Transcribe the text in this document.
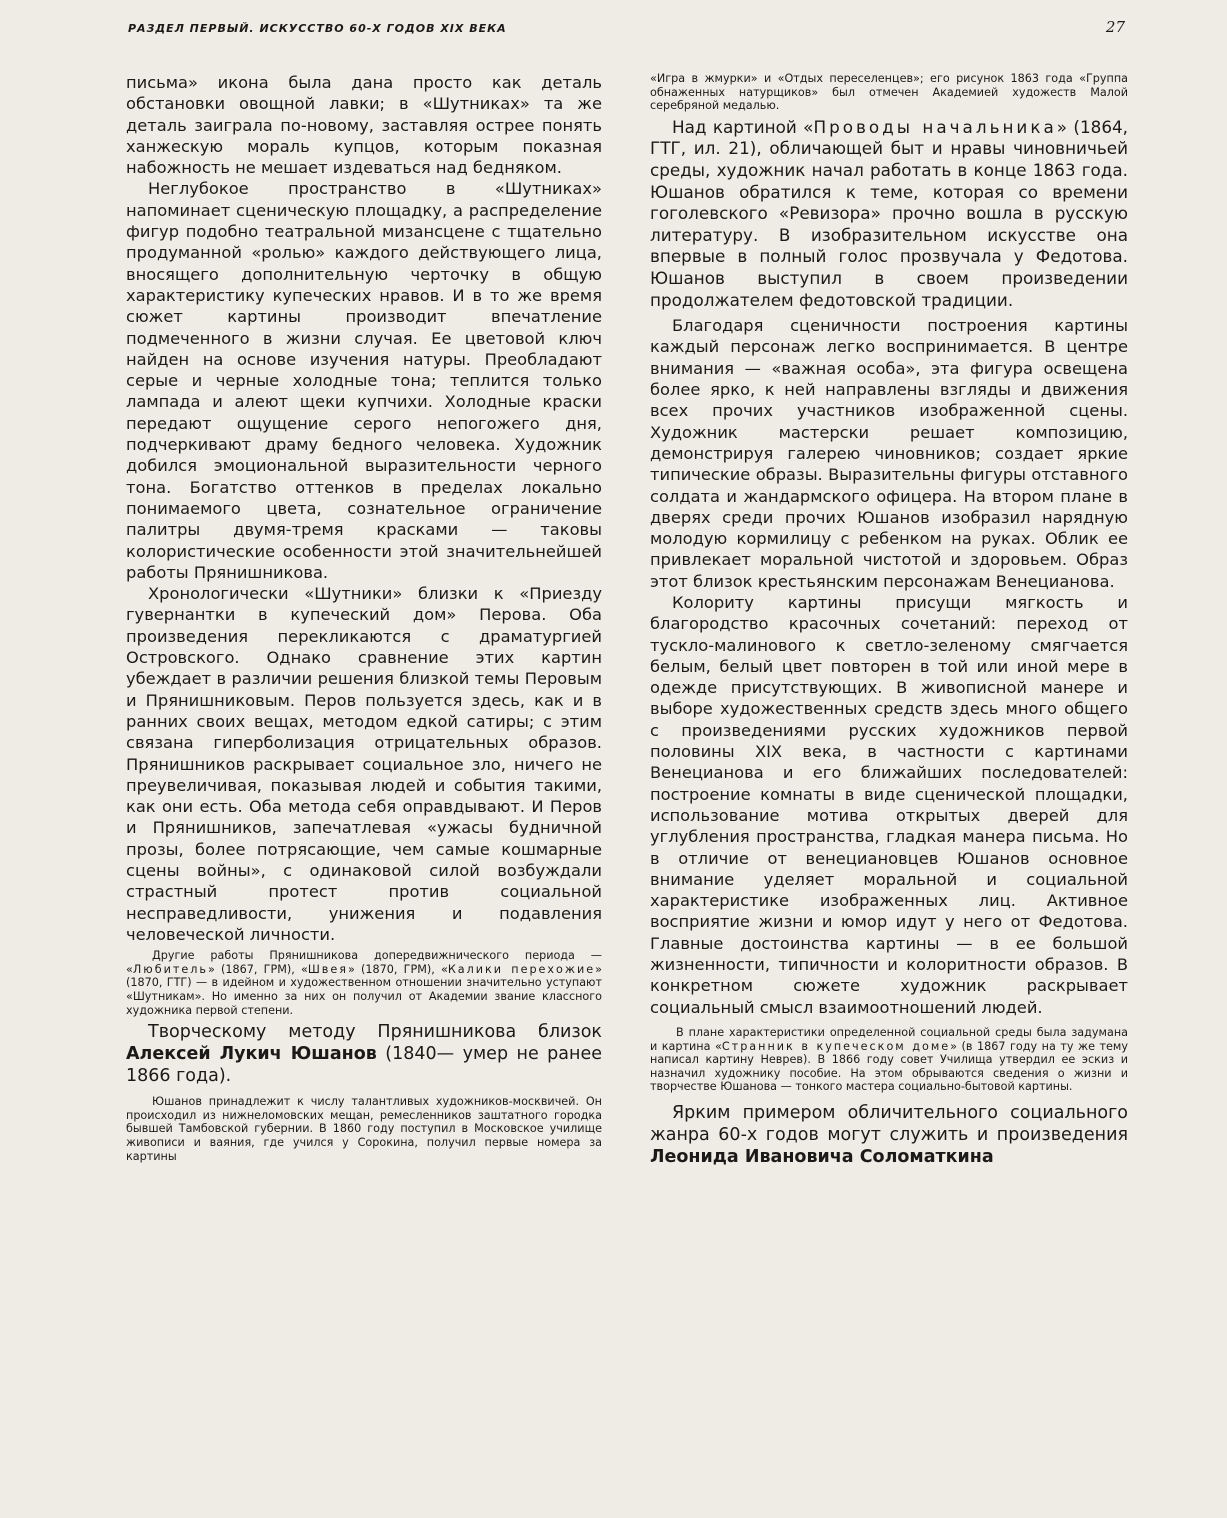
РАЗДЕЛ ПЕРВЫЙ. ИСКУССТВО 60-Х ГОДОВ XIX ВЕКА	27

письма» икона была дана просто как деталь обстановки овощной лавки; в «Шутниках» та же деталь заиграла по-новому, заставляя острее понять ханжескую мораль купцов, которым показная набожность не мешает издеваться над бедняком.

Неглубокое пространство в «Шутниках» напоминает сценическую площадку, а распределение фигур подобно театральной мизансцене с тщательно продуманной «ролью» каждого действующего лица, вносящего дополнительную черточку в общую характеристику купеческих нравов. И в то же время сюжет картины производит впечатление подмеченного в жизни случая. Ее цветовой ключ найден на основе изучения натуры. Преобладают серые и черные холодные тона; теплится только лампада и алеют щеки купчихи. Холодные краски передают ощущение серого непогожего дня, подчеркивают драму бедного человека. Художник добился эмоциональной выразительности черного тона. Богатство оттенков в пределах локально понимаемого цвета, сознательное ограничение палитры двумя-тремя красками — таковы колористические особенности этой значительнейшей работы Прянишникова.

Хронологически «Шутники» близки к «Приезду гувернантки в купеческий дом» Перова. Оба произведения перекликаются с драматургией Островского. Однако сравнение этих картин убеждает в различии решения близкой темы Перовым и Прянишниковым. Перов пользуется здесь, как и в ранних своих вещах, методом едкой сатиры; с этим связана гиперболизация отрицательных образов. Прянишников раскрывает социальное зло, ничего не преувеличивая, показывая людей и события такими, как они есть. Оба метода себя оправдывают. И Перов и Прянишников, запечатлевая «ужасы будничной прозы, более потрясающие, чем самые кошмарные сцены войны», с одинаковой силой возбуждали страстный протест против социальной несправедливости, унижения и подавления человеческой личности.

Другие работы Прянишникова допередвижнического периода — «Любитель» (1867, ГРМ), «Швея» (1870, ГРМ), «Калики перехожие» (1870, ГТГ) — в идейном и художественном отношении значительно уступают «Шутникам». Но именно за них он получил от Академии звание классного художника первой степени.

Творческому методу Прянишникова близок Алексей Лукич Юшанов (1840— умер не ранее 1866 года).

Юшанов принадлежит к числу талантливых художников-москвичей. Он происходил из нижнеломовских мещан, ремесленников заштатного городка бывшей Тамбовской губернии. В 1860 году поступил в Московское училище живописи и ваяния, где учился у Сорокина, получил первые номера за картины

«Игра в жмурки» и «Отдых переселенцев»; его рисунок 1863 года «Группа обнаженных натурщиков» был отмечен Академией художеств Малой серебряной медалью.

Над картиной «Проводы начальника» (1864, ГТГ, ил. 21), обличающей быт и нравы чиновничьей среды, художник начал работать в конце 1863 года. Юшанов обратился к теме, которая со времени гоголевского «Ревизора» прочно вошла в русскую литературу. В изобразительном искусстве она впервые в полный голос прозвучала у Федотова. Юшанов выступил в своем произведении продолжателем федотовской традиции.

Благодаря сценичности построения картины каждый персонаж легко воспринимается. В центре внимания — «важная особа», эта фигура освещена более ярко, к ней направлены взгляды и движения всех прочих участников изображенной сцены. Художник мастерски решает композицию, демонстрируя галерею чиновников; создает яркие типические образы. Выразительны фигуры отставного солдата и жандармского офицера. На втором плане в дверях среди прочих Юшанов изобразил нарядную молодую кормилицу с ребенком на руках. Облик ее привлекает моральной чистотой и здоровьем. Образ этот близок крестьянским персонажам Венецианова.

Колориту картины присущи мягкость и благородство красочных сочетаний: переход от тускло-малинового к светло-зеленому смягчается белым, белый цвет повторен в той или иной мере в одежде присутствующих. В живописной манере и выборе художественных средств здесь много общего с произведениями русских художников первой половины XIX века, в частности с картинами Венецианова и его ближайших последователей: построение комнаты в виде сценической площадки, использование мотива открытых дверей для углубления пространства, гладкая манера письма. Но в отличие от венециановцев Юшанов основное внимание уделяет моральной и социальной характеристике изображенных лиц. Активное восприятие жизни и юмор идут у него от Федотова. Главные достоинства картины — в ее большой жизненности, типичности и колоритности образов. В конкретном сюжете художник раскрывает социальный смысл взаимоотношений людей.

В плане характеристики определенной социальной среды была задумана и картина «Странник в купеческом доме» (в 1867 году на ту же тему написал картину Неврев). В 1866 году совет Училища утвердил ее эскиз и назначил художнику пособие. На этом обрываются сведения о жизни и творчестве Юшанова — тонкого мастера социально-бытовой картины.

Ярким примером обличительного социального жанра 60-х годов могут служить и произведения Леонида Ивановича Соломаткина
